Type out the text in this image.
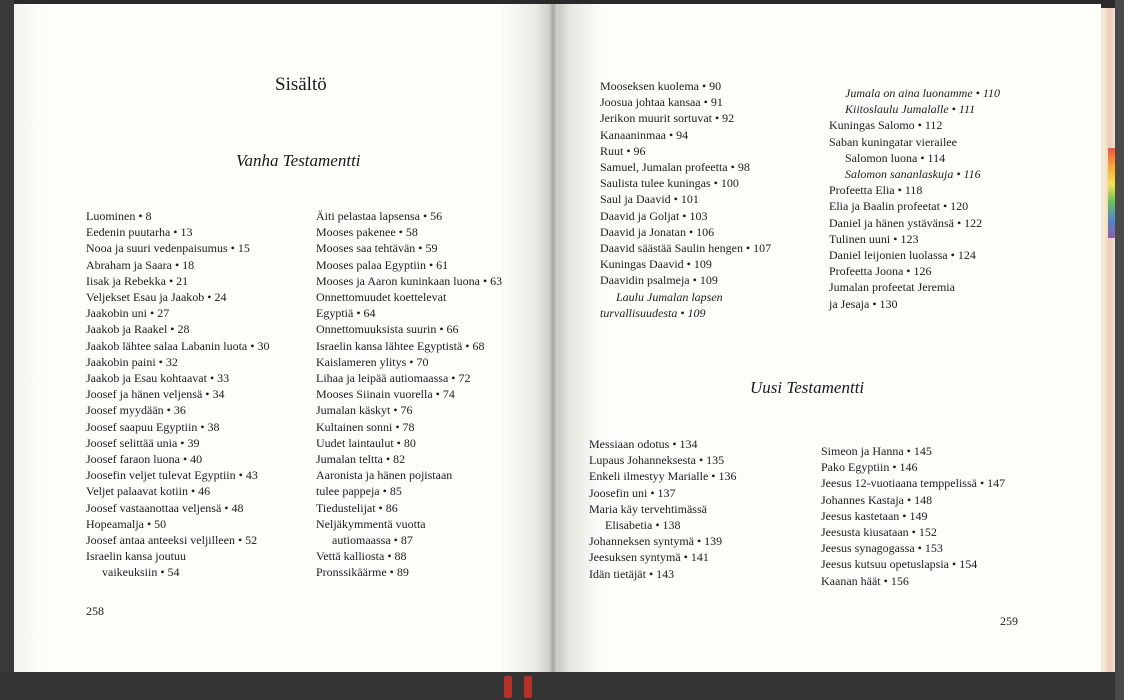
Sisältö
Vanha Testamentti
Luominen • 8
Eedenin puutarha • 13
Nooa ja suuri vedenpaisumus • 15
Abraham ja Saara • 18
Iisak ja Rebekka • 21
Veljekset Esau ja Jaakob • 24
Jaakobin uni • 27
Jaakob ja Raakel • 28
Jaakob lähtee salaa Labanin luota • 30
Jaakobin paini • 32
Jaakob ja Esau kohtaavat • 33
Joosef ja hänen veljensä • 34
Joosef myydään • 36
Joosef saapuu Egyptiin • 38
Joosef selittää unia • 39
Joosef faraon luona • 40
Joosefin veljet tulevat Egyptiin • 43
Veljet palaavat kotiin • 46
Joosef vastaanottaa veljensä • 48
Hopeamalja • 50
Joosef antaa anteeksi veljilleen • 52
Israelin kansa joutuu
vaikeuksiin • 54
Äiti pelastaa lapsensa • 56
Mooses pakenee • 58
Mooses saa tehtävän • 59
Mooses palaa Egyptiin • 61
Mooses ja Aaron kuninkaan luona • 63
Onnettomuudet koettelevat
Egyptiä • 64
Onnettomuuksista suurin • 66
Israelin kansa lähtee Egyptistä • 68
Kaislameren ylitys • 70
Lihaa ja leipää autiomaassa • 72
Mooses Siinain vuorella • 74
Jumalan käskyt • 76
Kultainen sonni • 78
Uudet laintaulut • 80
Jumalan teltta • 82
Aaronista ja hänen pojistaan
tulee pappeja • 85
Tiedustelijat • 86
Neljäkymmentä vuotta
autiomaassa • 87
Vettä kalliosta • 88
Pronssikäärme • 89
258
Mooseksen kuolema • 90
Joosua johtaa kansaa • 91
Jerikon muurit sortuvat • 92
Kanaaninmaa • 94
Ruut • 96
Samuel, Jumalan profeetta • 98
Saulista tulee kuningas • 100
Saul ja Daavid • 101
Daavid ja Goljat • 103
Daavid ja Jonatan • 106
Daavid säästää Saulin hengen • 107
Kuningas Daavid • 109
Daavidin psalmeja • 109
Laulu Jumalan lapsen
turvallisuudesta • 109
Jumala on aina luonamme • 110
Kiitoslaulu Jumalalle • 111
Kuningas Salomo • 112
Saban kuningatar vierailee
Salomon luona • 114
Salomon sananlaskuja • 116
Profeetta Elia • 118
Elia ja Baalin profeetat • 120
Daniel ja hänen ystävänsä • 122
Tulinen uuni • 123
Daniel leijonien luolassa • 124
Profeetta Joona • 126
Jumalan profeetat Jeremia
ja Jesaja • 130
Uusi Testamentti
Messiaan odotus • 134
Lupaus Johanneksesta • 135
Enkeli ilmestyy Marialle • 136
Joosefin uni • 137
Maria käy tervehtimässä
Elisabetia • 138
Johanneksen syntymä • 139
Jeesuksen syntymä • 141
Idän tietäjät • 143
Simeon ja Hanna • 145
Pako Egyptiin • 146
Jeesus 12-vuotiaana temppelissä • 147
Johannes Kastaja • 148
Jeesus kastetaan • 149
Jeesusta kiusataan • 152
Jeesus synagogassa • 153
Jeesus kutsuu opetuslapsia • 154
Kaanan häät • 156
259
